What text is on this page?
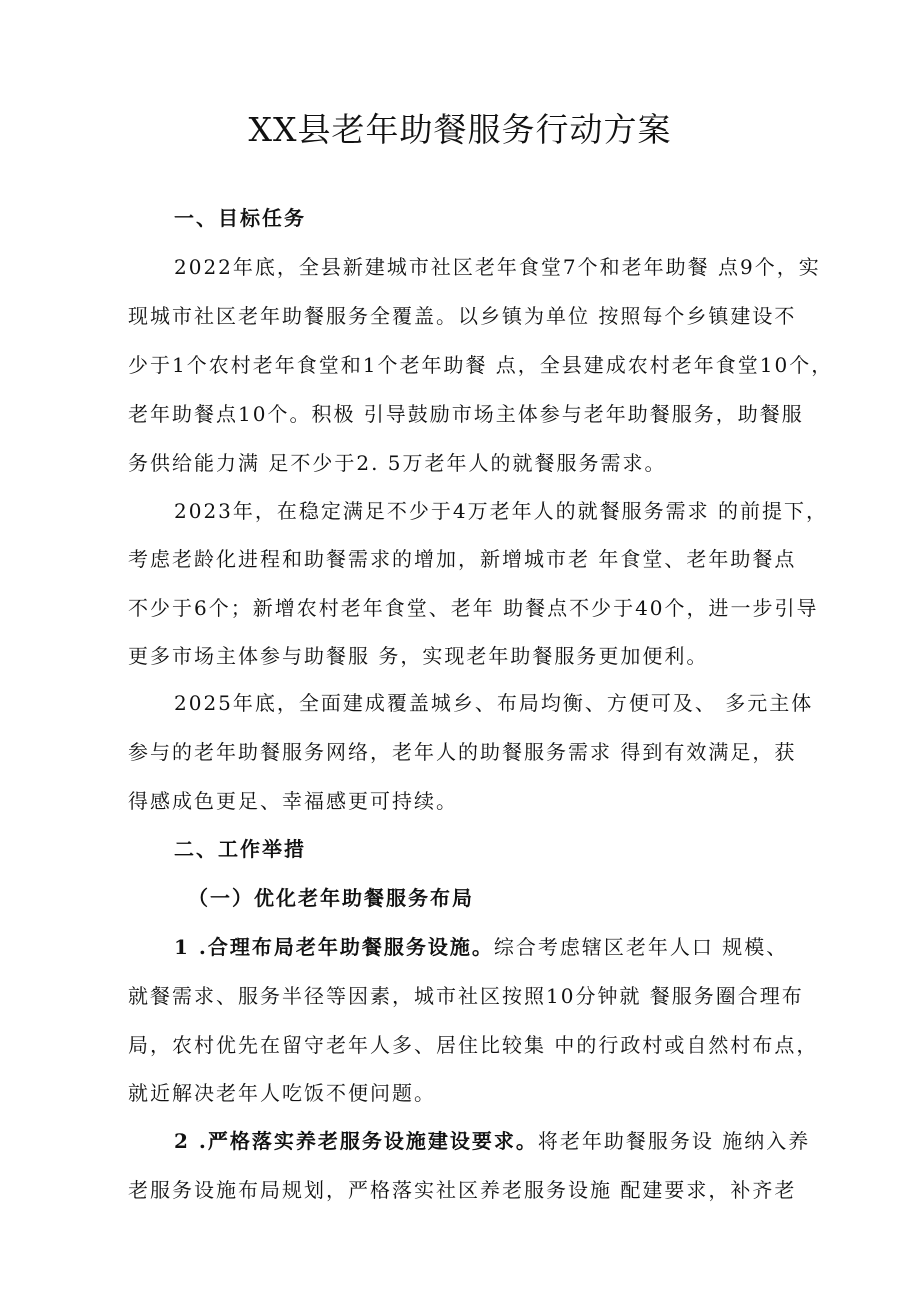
XX县老年助餐服务行动方案
一、目标任务
2022年底，全县新建城市社区老年食堂7个和老年助餐 点9个，实
现城市社区老年助餐服务全覆盖。以乡镇为单位 按照每个乡镇建设不
少于1个农村老年食堂和1个老年助餐 点，全县建成农村老年食堂10个，
老年助餐点10个。积极 引导鼓励市场主体参与老年助餐服务，助餐服
务供给能力满 足不少于2. 5万老年人的就餐服务需求。
2023年，在稳定满足不少于4万老年人的就餐服务需求 的前提下，
考虑老龄化进程和助餐需求的增加，新增城市老 年食堂、老年助餐点
不少于6个；新增农村老年食堂、老年 助餐点不少于40个，进一步引导
更多市场主体参与助餐服 务，实现老年助餐服务更加便利。
2025年底，全面建成覆盖城乡、布局均衡、方便可及、 多元主体
参与的老年助餐服务网络，老年人的助餐服务需求 得到有效满足，获
得感成色更足、幸福感更可持续。
二、工作举措
（一）优化老年助餐服务布局
1 .合理布局老年助餐服务设施。综合考虑辖区老年人口 规模、
就餐需求、服务半径等因素，城市社区按照10分钟就 餐服务圈合理布
局，农村优先在留守老年人多、居住比较集 中的行政村或自然村布点，
就近解决老年人吃饭不便问题。
2 .严格落实养老服务设施建设要求。将老年助餐服务设 施纳入养
老服务设施布局规划，严格落实社区养老服务设施 配建要求，补齐老
